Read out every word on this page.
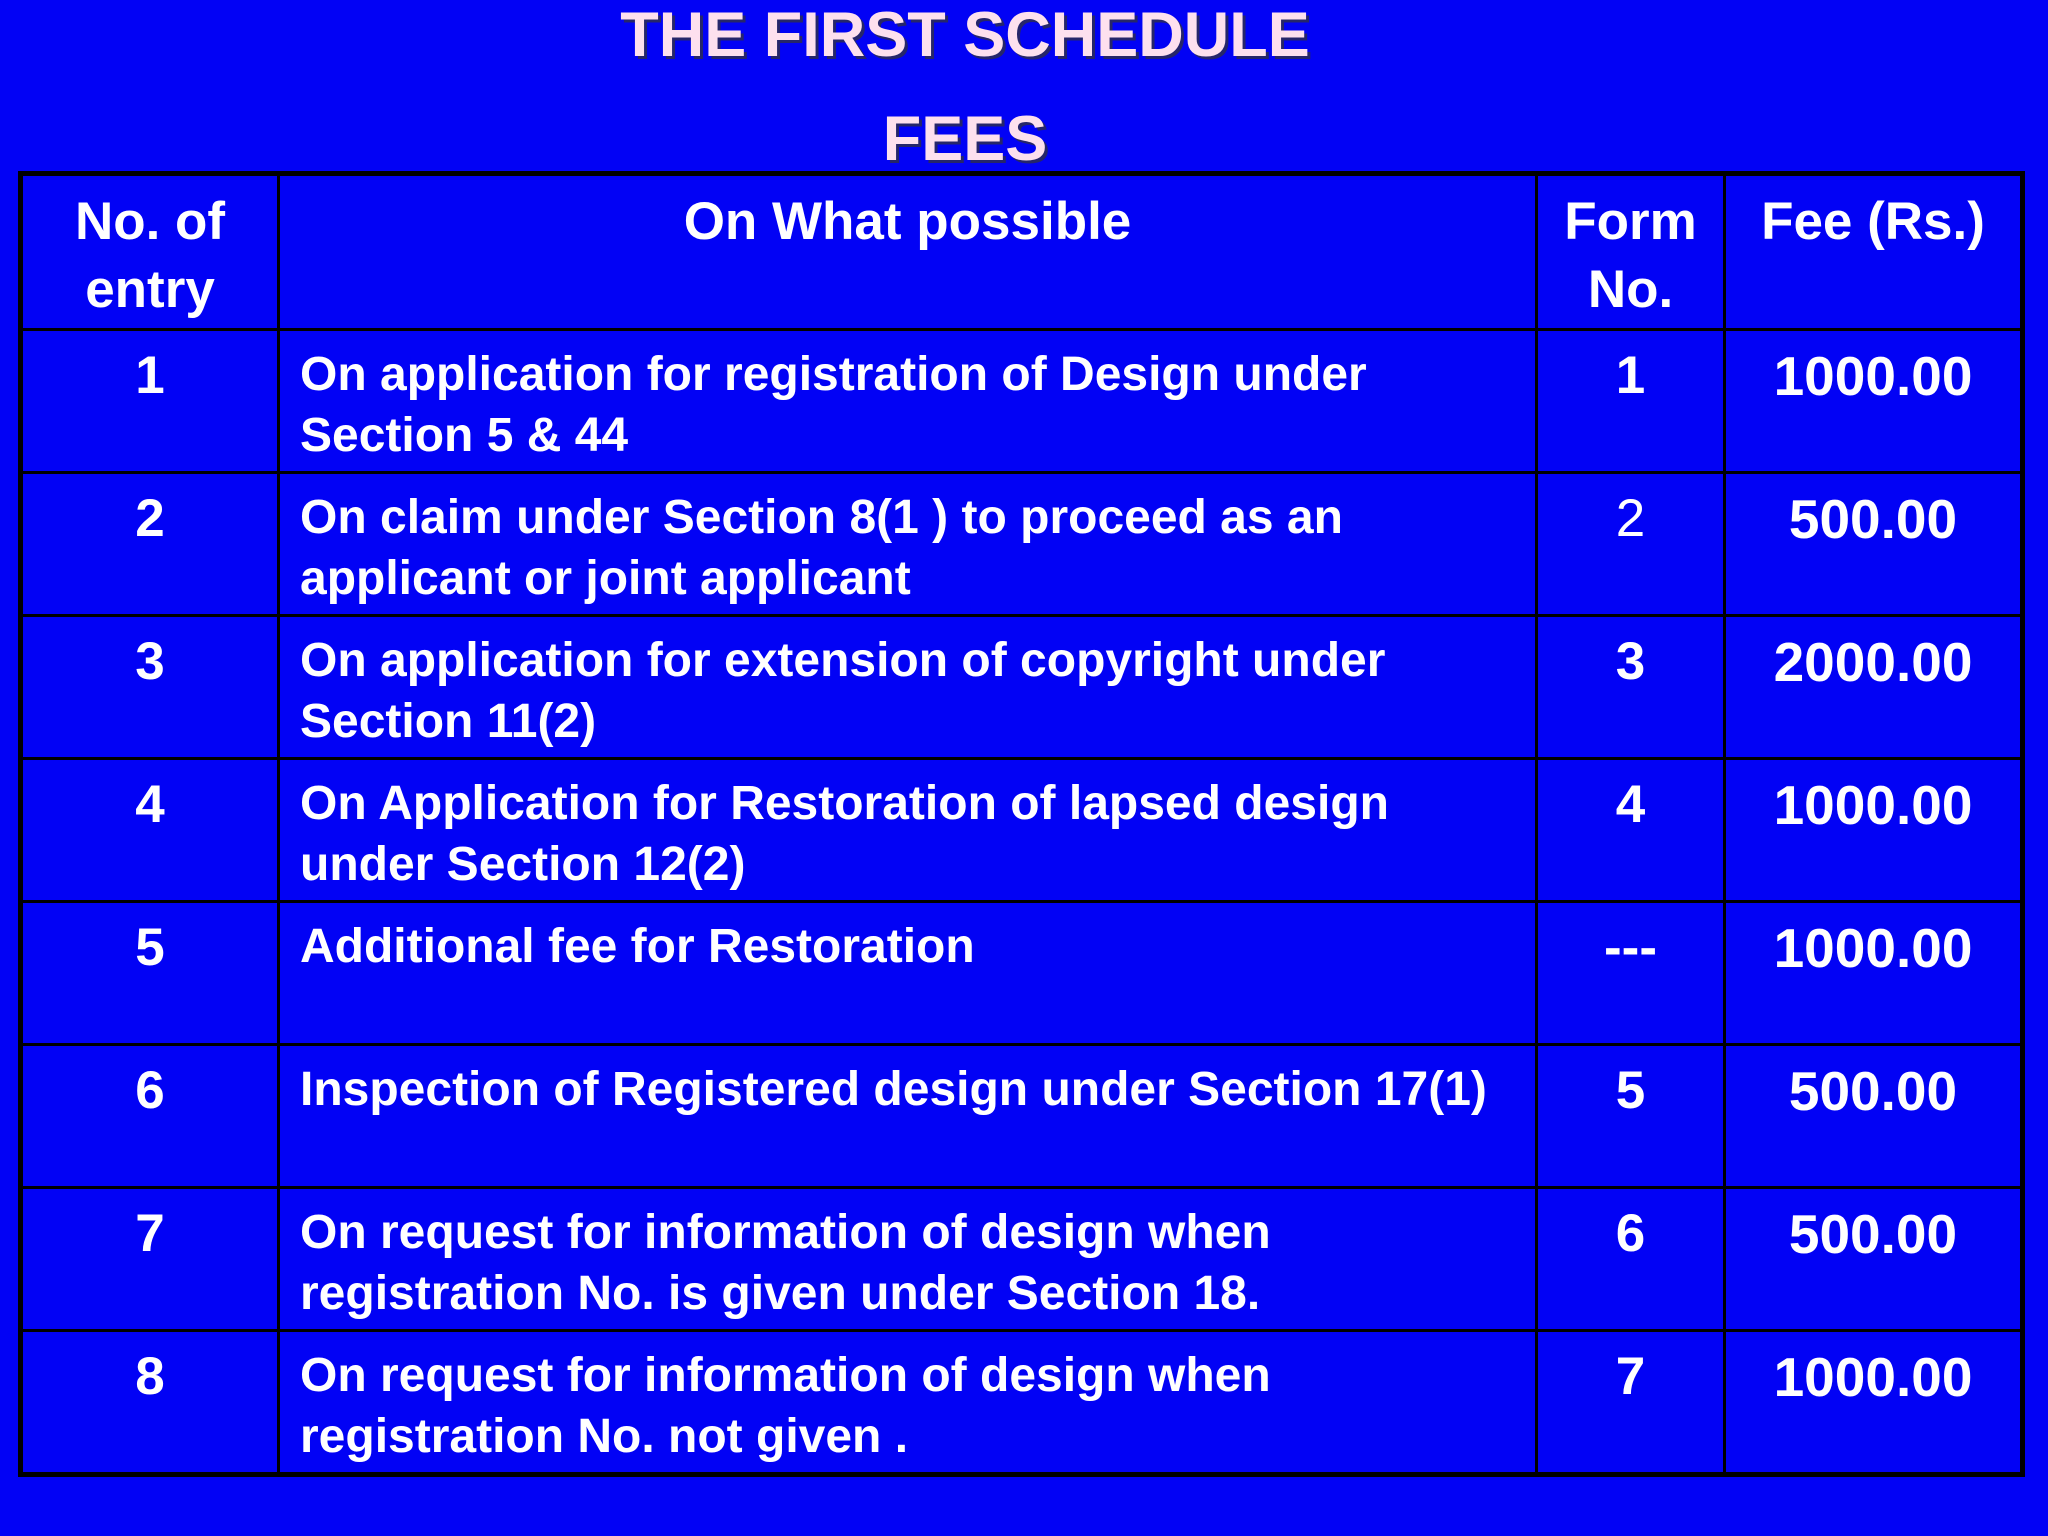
THE FIRST SCHEDULE
FEES
No. of entry	On What possible	Form No.	Fee (Rs.)
1	On application for registration of Design under Section 5 & 44	1	1000.00
2	On claim under Section 8(1 ) to proceed as an applicant or joint applicant	2	500.00
3	On application for extension of copyright under Section 11(2)	3	2000.00
4	On Application for Restoration of lapsed design under Section 12(2)	4	1000.00
5	Additional fee for Restoration	---	1000.00
6	Inspection of Registered design under Section 17(1)	5	500.00
7	On request for information of design when registration No. is given under Section 18.	6	500.00
8	On request for information of design when registration No. not given .	7	1000.00
